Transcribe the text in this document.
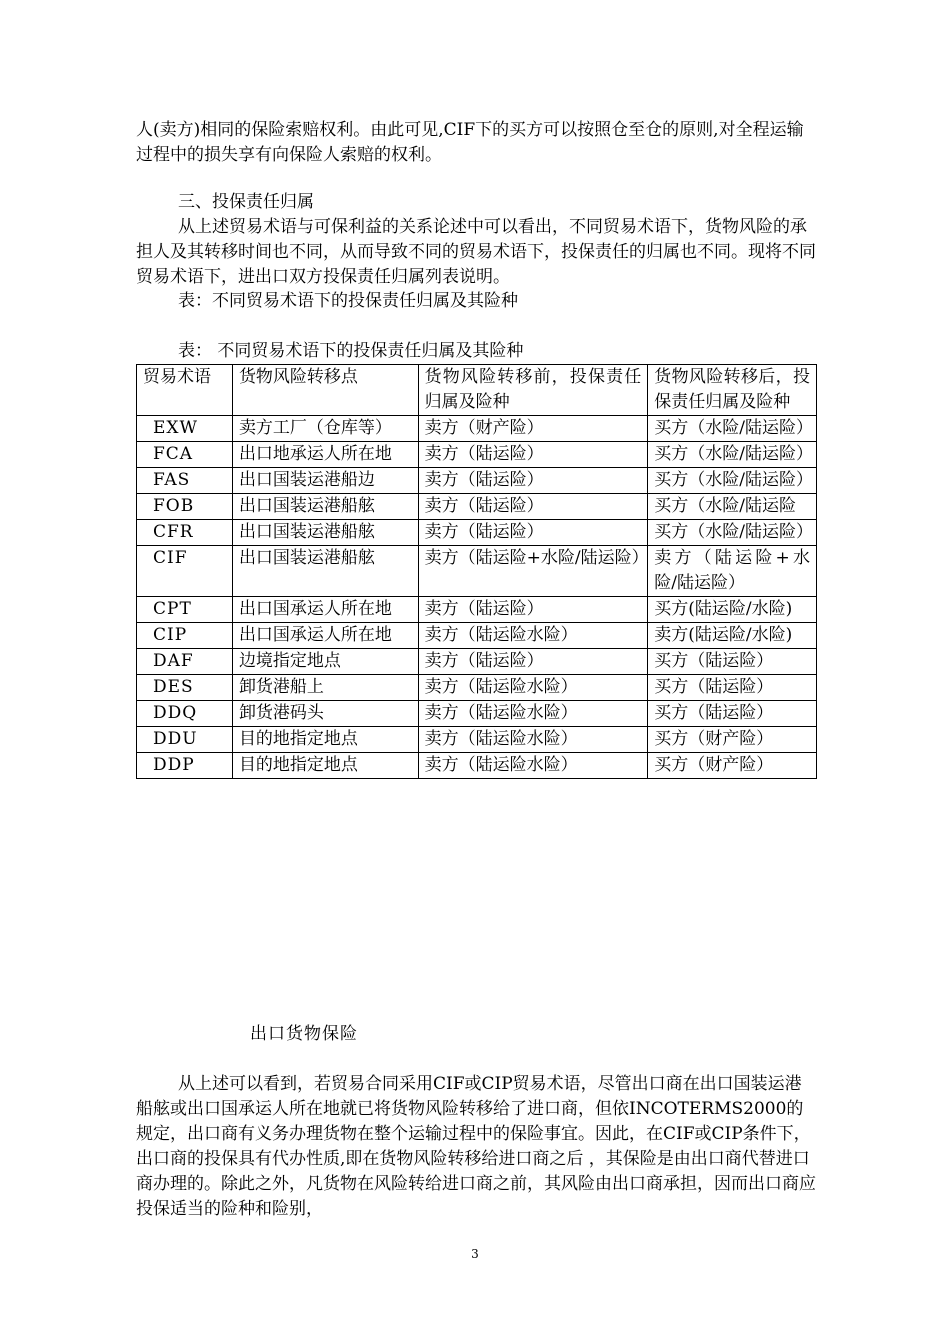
人(卖方)相同的保险索赔权利。由此可见,CIF下的买方可以按照仓至仓的原则,对全程运输过程中的损失享有向保险人索赔的权利。

三、投保责任归属

从上述贸易术语与可保利益的关系论述中可以看出，不同贸易术语下，货物风险的承担人及其转移时间也不同，从而导致不同的贸易术语下，投保责任的归属也不同。现将不同贸易术语下，进出口双方投保责任归属列表说明。

表：不同贸易术语下的投保责任归属及其险种
表： 不同贸易术语下的投保责任归属及其险种
贸易术语	货物风险转移点	货物风险转移前，投保责任归属及险种	货物风险转移后，投保责任归属及险种
EXW	卖方工厂（仓库等）	卖方（财产险）	买方（水险/陆运险）
FCA	出口地承运人所在地	卖方（陆运险）	买方（水险/陆运险）
FAS	出口国装运港船边	卖方（陆运险）	买方（水险/陆运险）
FOB	出口国装运港船舷	卖方（陆运险）	买方（水险/陆运险
CFR	出口国装运港船舷	卖方（陆运险）	买方（水险/陆运险）
CIF	出口国装运港船舷	卖方（陆运险+水险/陆运险）	卖方（陆运险+水险/陆运险）
CPT	出口国承运人所在地	卖方（陆运险）	买方(陆运险/水险)
CIP	出口国承运人所在地	卖方（陆运险水险）	卖方(陆运险/水险)
DAF	边境指定地点	卖方（陆运险）	买方（陆运险）
DES	卸货港船上	卖方（陆运险水险）	买方（陆运险）
DDQ	卸货港码头	卖方（陆运险水险）	买方（陆运险）
DDU	目的地指定地点	卖方（陆运险水险）	买方（财产险）
DDP	目的地指定地点	卖方（陆运险水险）	买方（财产险）
出口货物保险

从上述可以看到，若贸易合同采用CIF或CIP贸易术语，尽管出口商在出口国装运港船舷或出口国承运人所在地就已将货物风险转移给了进口商，但依INCOTERMS2000的规定，出口商有义务办理货物在整个运输过程中的保险事宜。因此，在CIF或CIP条件下，出口商的投保具有代办性质,即在货物风险转移给进口商之后 ，其保险是由出口商代替进口商办理的。除此之外，凡货物在风险转给进口商之前，其风险由出口商承担，因而出口商应投保适当的险种和险别，

3
